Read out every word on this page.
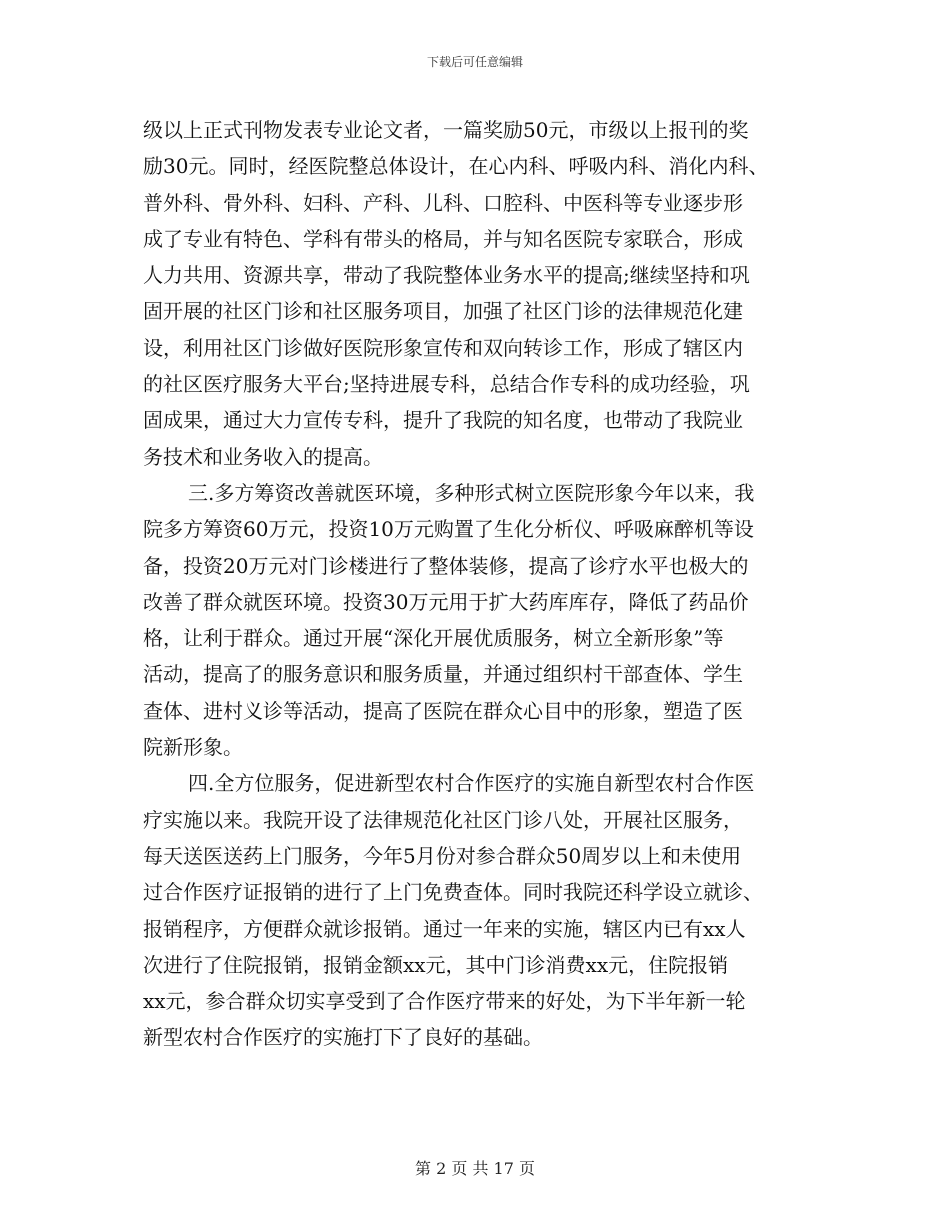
下载后可任意编辑
级以上正式刊物发表专业论文者，一篇奖励50元，市级以上报刊的奖
励30元。同时，经医院整总体设计，在心内科、呼吸内科、消化内科、
普外科、骨外科、妇科、产科、儿科、口腔科、中医科等专业逐步形
成了专业有特色、学科有带头的格局，并与知名医院专家联合，形成
人力共用、资源共享，带动了我院整体业务水平的提高;继续坚持和巩
固开展的社区门诊和社区服务项目，加强了社区门诊的法律规范化建
设，利用社区门诊做好医院形象宣传和双向转诊工作，形成了辖区内
的社区医疗服务大平台;坚持进展专科，总结合作专科的成功经验，巩
固成果，通过大力宣传专科，提升了我院的知名度，也带动了我院业
务技术和业务收入的提高。
三.多方筹资改善就医环境，多种形式树立医院形象今年以来，我
院多方筹资60万元，投资10万元购置了生化分析仪、呼吸麻醉机等设
备，投资20万元对门诊楼进行了整体装修，提高了诊疗水平也极大的
改善了群众就医环境。投资30万元用于扩大药库库存，降低了药品价
格，让利于群众。通过开展“深化开展优质服务，树立全新形象”等
活动，提高了的服务意识和服务质量，并通过组织村干部查体、学生
查体、进村义诊等活动，提高了医院在群众心目中的形象，塑造了医
院新形象。
四.全方位服务，促进新型农村合作医疗的实施自新型农村合作医
疗实施以来。我院开设了法律规范化社区门诊八处，开展社区服务，
每天送医送药上门服务，今年5月份对参合群众50周岁以上和未使用
过合作医疗证报销的进行了上门免费查体。同时我院还科学设立就诊、
报销程序，方便群众就诊报销。通过一年来的实施，辖区内已有xx人
次进行了住院报销，报销金额xx元，其中门诊消费xx元，住院报销
xx元，参合群众切实享受到了合作医疗带来的好处，为下半年新一轮
新型农村合作医疗的实施打下了良好的基础。
第 2 页 共 17 页
